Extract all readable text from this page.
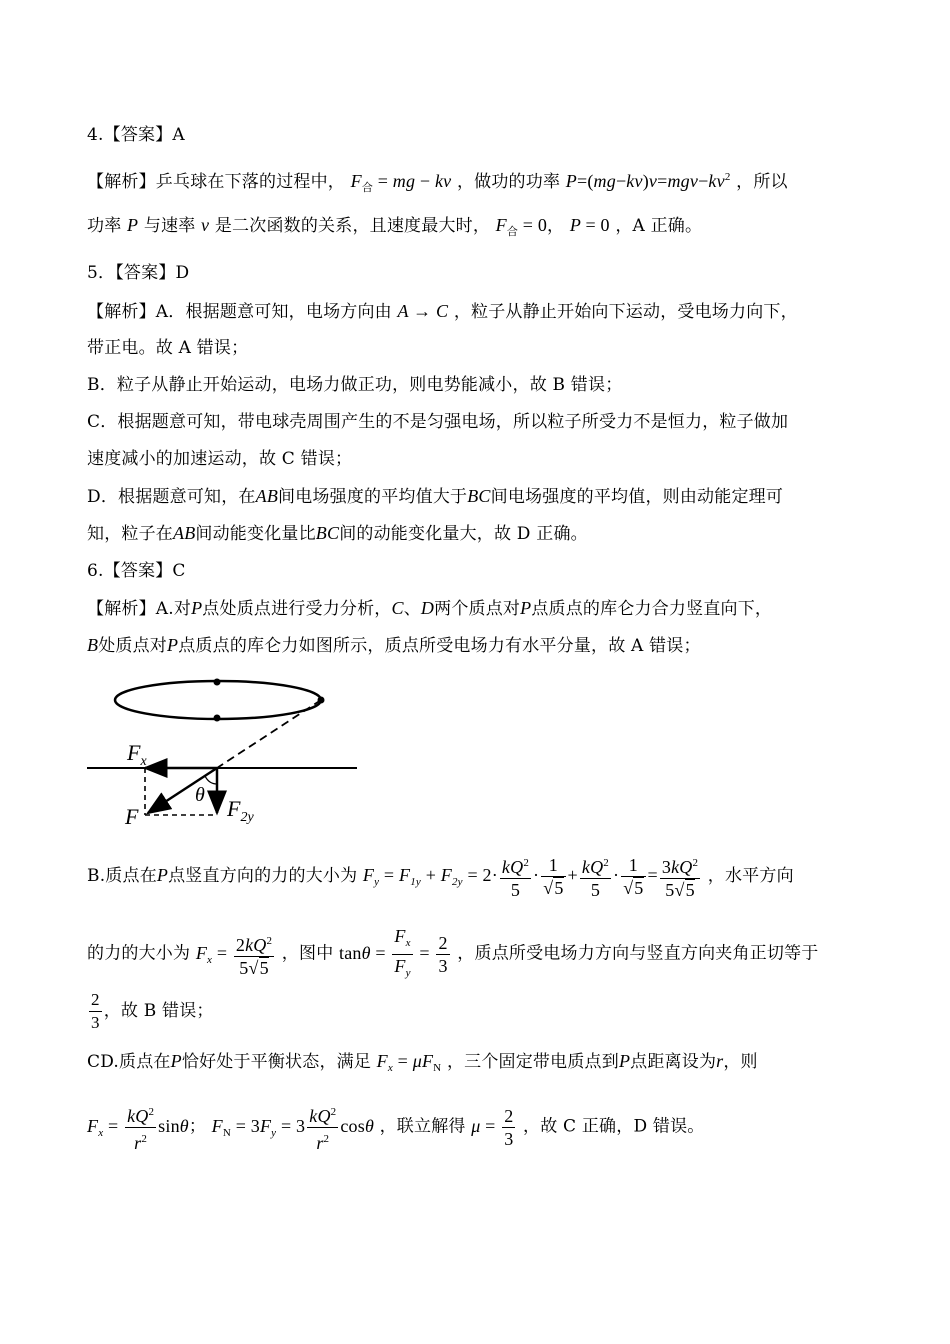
4.【答案】A
【解析】乒乓球在下落的过程中， $F_合$ = mg − kv ，做功的功率 $P=(mg-kv)v=mgv-kv^2$ ，所以
功率 P 与速率 v 是二次函数的关系，且速度最大时， $F_合 = 0$， P = 0 ，A 正确。
5．【答案】D
【解析】A．根据题意可知，电场方向由 A → C ，粒子从静止开始向下运动，受电场力向下，
带正电。故 A 错误；
B．粒子从静止开始运动，电场力做正功，则电势能减小，故 B 错误；
C．根据题意可知，带电球壳周围产生的不是匀强电场，所以粒子所受力不是恒力，粒子做加
速度减小的加速运动，故 C 错误；
D．根据题意可知，在AB间电场强度的平均值大于BC间电场强度的平均值，则由动能定理可
知，粒子在AB间动能变化量比BC间的动能变化量大，故 D 正确。
6.【答案】C
【解析】A.对P点处质点进行受力分析，C、D两个质点对P点质点的库仑力合力竖直向下，
B处质点对P点质点的库仑力如图所示，质点所受电场力有水平分量，故 A 错误；
$F_x$
θ
F	$F_{2y}$
B.质点在P点竖直方向的力的大小为 $F_y = F_{1y} + F_{2y} = 2\cdot \frac{kQ^2}{5} \cdot \frac{1}{√5} + \frac{kQ^2}{5} \cdot \frac{1}{√5} = \frac{3kQ^2}{5√5}$ ，水平方向
的力的大小为 $F_x = \frac{2kQ^2}{5√5}$ ，图中 $\tan\theta = \frac{F_x}{F_y} = \frac{2}{3}$ ，质点所受电场力方向与竖直方向夹角正切等于
$\frac{2}{3}$ ，故 B 错误；
CD.质点在P恰好处于平衡状态，满足 $F_x = \mu F_N$ ，三个固定带电质点到P点距离设为r，则
$F_x = \frac{kQ^2}{r^2}$ sinθ； $F_N = 3F_y = 3 \frac{kQ^2}{r^2}$ cosθ ，联立解得 $\mu = \frac{2}{3}$ ，故 C 正确，D 错误。
